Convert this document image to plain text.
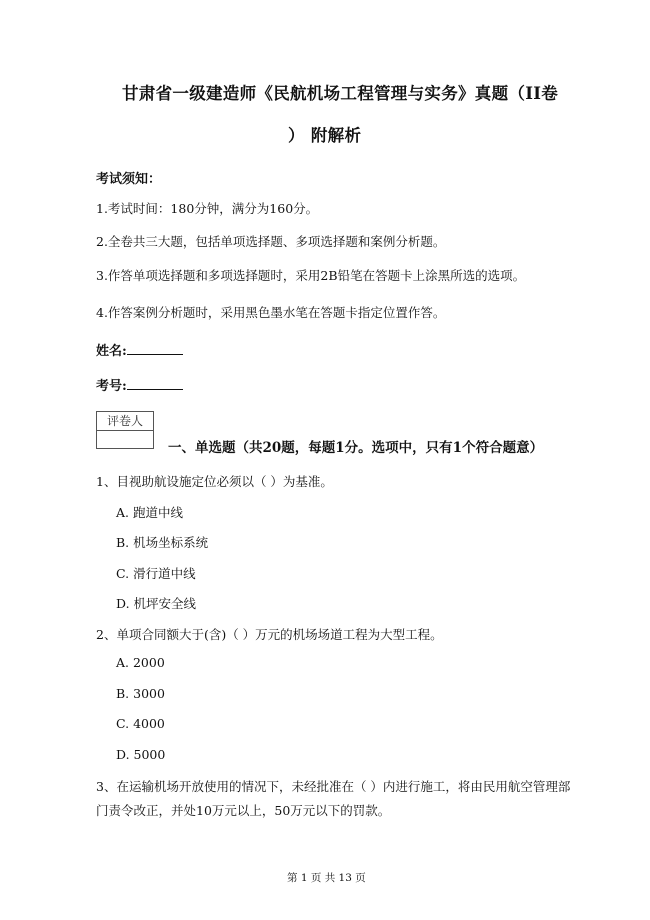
甘肃省一级建造师《民航机场工程管理与实务》真题（II卷
） 附解析
考试须知：
1.考试时间：180分钟，满分为160分。
2.全卷共三大题，包括单项选择题、多项选择题和案例分析题。
3.作答单项选择题和多项选择题时，采用2B铅笔在答题卡上涂黑所选的选项。
4.作答案例分析题时，采用黑色墨水笔在答题卡指定位置作答。
姓名:
考号:
评卷人
一、单选题（共20题，每题1分。选项中，只有1个符合题意）
1、目视助航设施定位必须以（ ）为基准。
A. 跑道中线
B. 机场坐标系统
C. 滑行道中线
D. 机坪安全线
2、单项合同额大于(含)（ ）万元的机场场道工程为大型工程。
A. 2000
B. 3000
C. 4000
D. 5000
3、在运输机场开放使用的情况下，未经批准在（ ）内进行施工，将由民用航空管理部
门责令改正，并处10万元以上，50万元以下的罚款。
第 1 页 共 13 页
